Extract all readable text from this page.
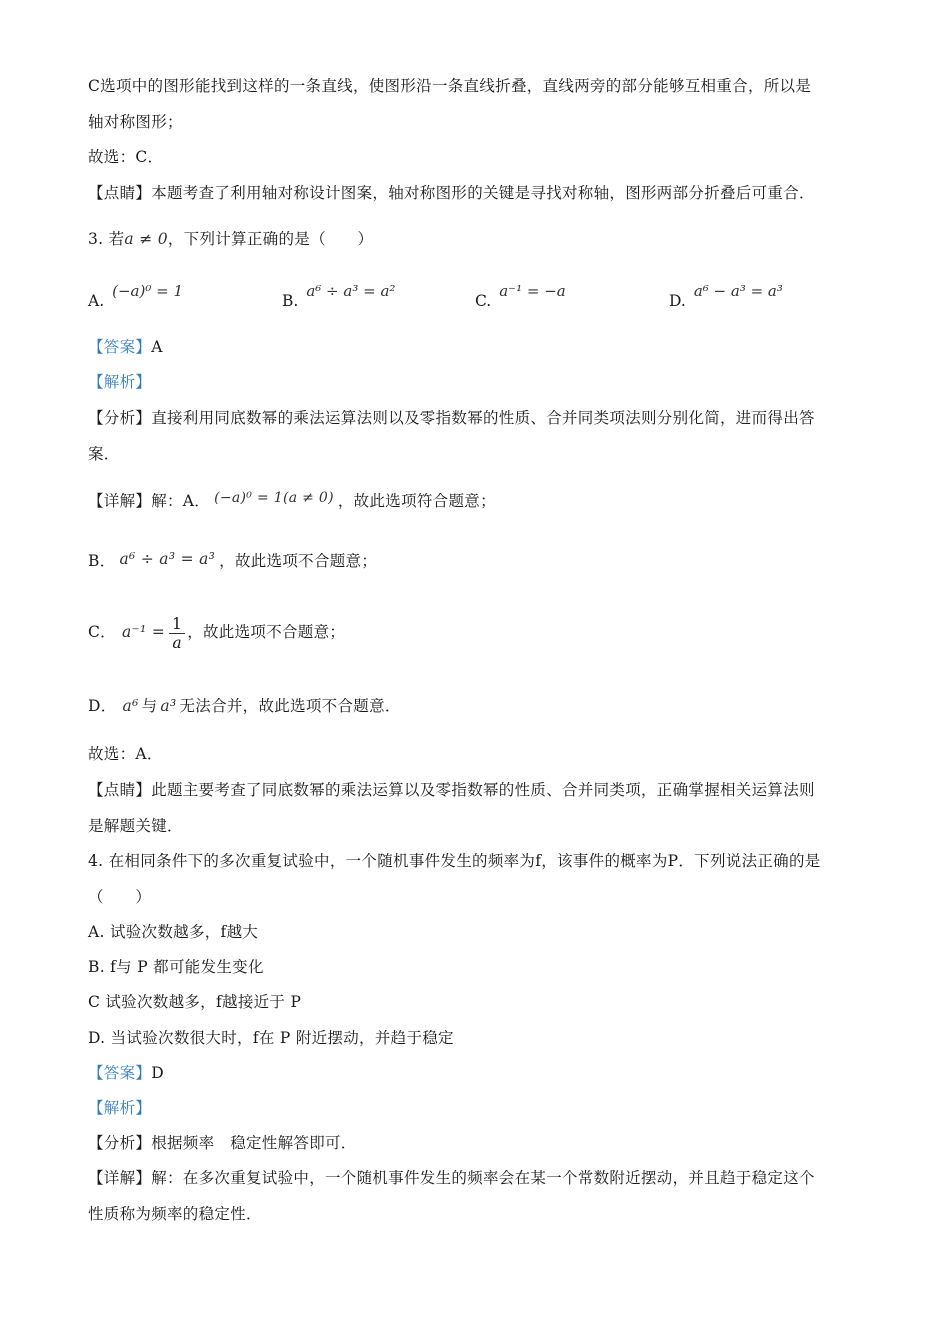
C选项中的图形能找到这样的一条直线，使图形沿一条直线折叠，直线两旁的部分能够互相重合，所以是
轴对称图形；
故选：C．
【点睛】本题考查了利用轴对称设计图案，轴对称图形的关键是寻找对称轴，图形两部分折叠后可重合．
3. 若a ≠ 0，下列计算正确的是（　　）
A.(−a)⁰ = 1
B.a⁶ ÷ a³ = a²
C.a⁻¹ = −a
D.a⁶ − a³ = a³
【答案】A
【解析】
【分析】直接利用同底数幂的乘法运算法则以及零指数幂的性质、合并同类项法则分别化简，进而得出答
案．
【详解】解：A． (−a)⁰ = 1(a ≠ 0) ，故此选项符合题意；
B． a⁶ ÷ a³ = a³ ，故此选项不合题意；
C． $a^{-1} = \frac{1}{a}$ ，故此选项不合题意；
D． a⁶ 与 a³ 无法合并，故此选项不合题意．
故选：A．
【点睛】此题主要考查了同底数幂的乘法运算以及零指数幂的性质、合并同类项，正确掌握相关运算法则
是解题关键．
4. 在相同条件下的多次重复试验中，一个随机事件发生的频率为f，该事件的概率为P．下列说法正确的是
（　　）
A. 试验次数越多，f越大
B. f与 P 都可能发生变化
C 试验次数越多，f越接近于 P
D. 当试验次数很大时，f在 P 附近摆动，并趋于稳定
【答案】D
【解析】
【分析】根据频率　稳定性解答即可．
【详解】解：在多次重复试验中，一个随机事件发生的频率会在某一个常数附近摆动，并且趋于稳定这个
性质称为频率的稳定性．
